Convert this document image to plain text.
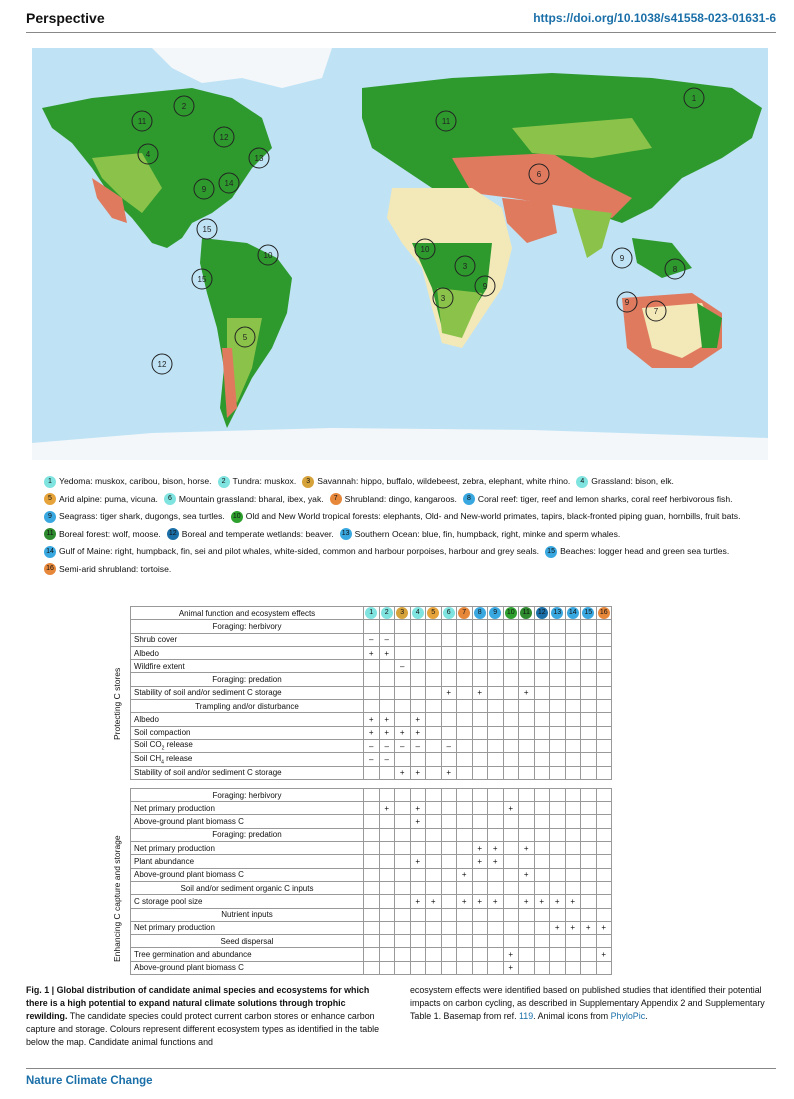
Perspective	https://doi.org/10.1038/s41558-023-01631-6
1
2
3
3
4
5
6
7
8
9
9
9
9
10
10
11	11
12
12
13
14
15
15
1 Yedoma: muskox, caribou, bison, horse. 2 Tundra: muskox. 3 Savannah: hippo, buffalo, wildebeest, zebra, elephant, white rhino. 4 Grassland: bison, elk.5 Arid alpine: puma, vicuna. 6 Mountain grassland: bharal, ibex, yak. 7 Shrubland: dingo, kangaroos. 8 Coral reef: tiger, reef and lemon sharks, coral reef herbivorous fish.9 Seagrass: tiger shark, dugongs, sea turtles. 10 Old and New World tropical forests: elephants, Old- and New-world primates, tapirs, black-fronted piping guan, hornbills, fruit bats.11 Boreal forest: wolf, moose. 12 Boreal and temperate wetlands: beaver. 13 Southern Ocean: blue, fin, humpback, right, minke and sperm whales.14 Gulf of Maine: right, humpback, fin, sei and pilot whales, white-sided, common and harbour porpoises, harbour and grey seals. 15 Beaches: logger head and green sea turtles.16 Semi-arid shrubland: tortoise.
Protecting C stores
Enhancing C capture and storage
Animal function and ecosystem effects	1	2	3	4	5	6	7	8	9	10	11	12	13	14	15	16
Foraging: herbivory																
Shrub cover	–	–														
Albedo	+	+														
Wildfire extent			–													
Foraging: predation																
Stability of soil and/or sediment C storage						+		+			+					
Trampling and/or disturbance																
Albedo	+	+		+												
Soil compaction	+	+	+	+												
Soil $CO_2$ release	–	–	–	–		–										
Soil $CH_4$ release	–	–														
Stability of soil and/or sediment C storage			+	+		+										

Foraging: herbivory																
Net primary production		+		+						+						
Above-ground plant biomass C				+												
Foraging: predation																
Net primary production								+	+		+					
Plant abundance				+				+	+							
Above-ground plant biomass C							+				+					
Soil and/or sediment organic C inputs																
C storage pool size				+	+		+	+	+		+	+	+	+		
Nutrient inputs																
Net primary production													+	+	+	+
Seed dispersal																
Tree germination and abundance										+						+
Above-ground plant biomass C										+						
Fig. 1 | Global distribution of candidate animal species and ecosystems for which there is a high potential to expand natural climate solutions through trophic rewilding. The candidate species could protect current carbon stores or enhance carbon capture and storage. Colours represent different ecosystem types as identified in the table below the map. Candidate animal functions and
ecosystem effects were identified based on published studies that identified their potential impacts on carbon cycling, as described in Supplementary Appendix 2 and Supplementary Table 1. Basemap from ref. 119. Animal icons from PhyloPic.
Nature Climate Change
